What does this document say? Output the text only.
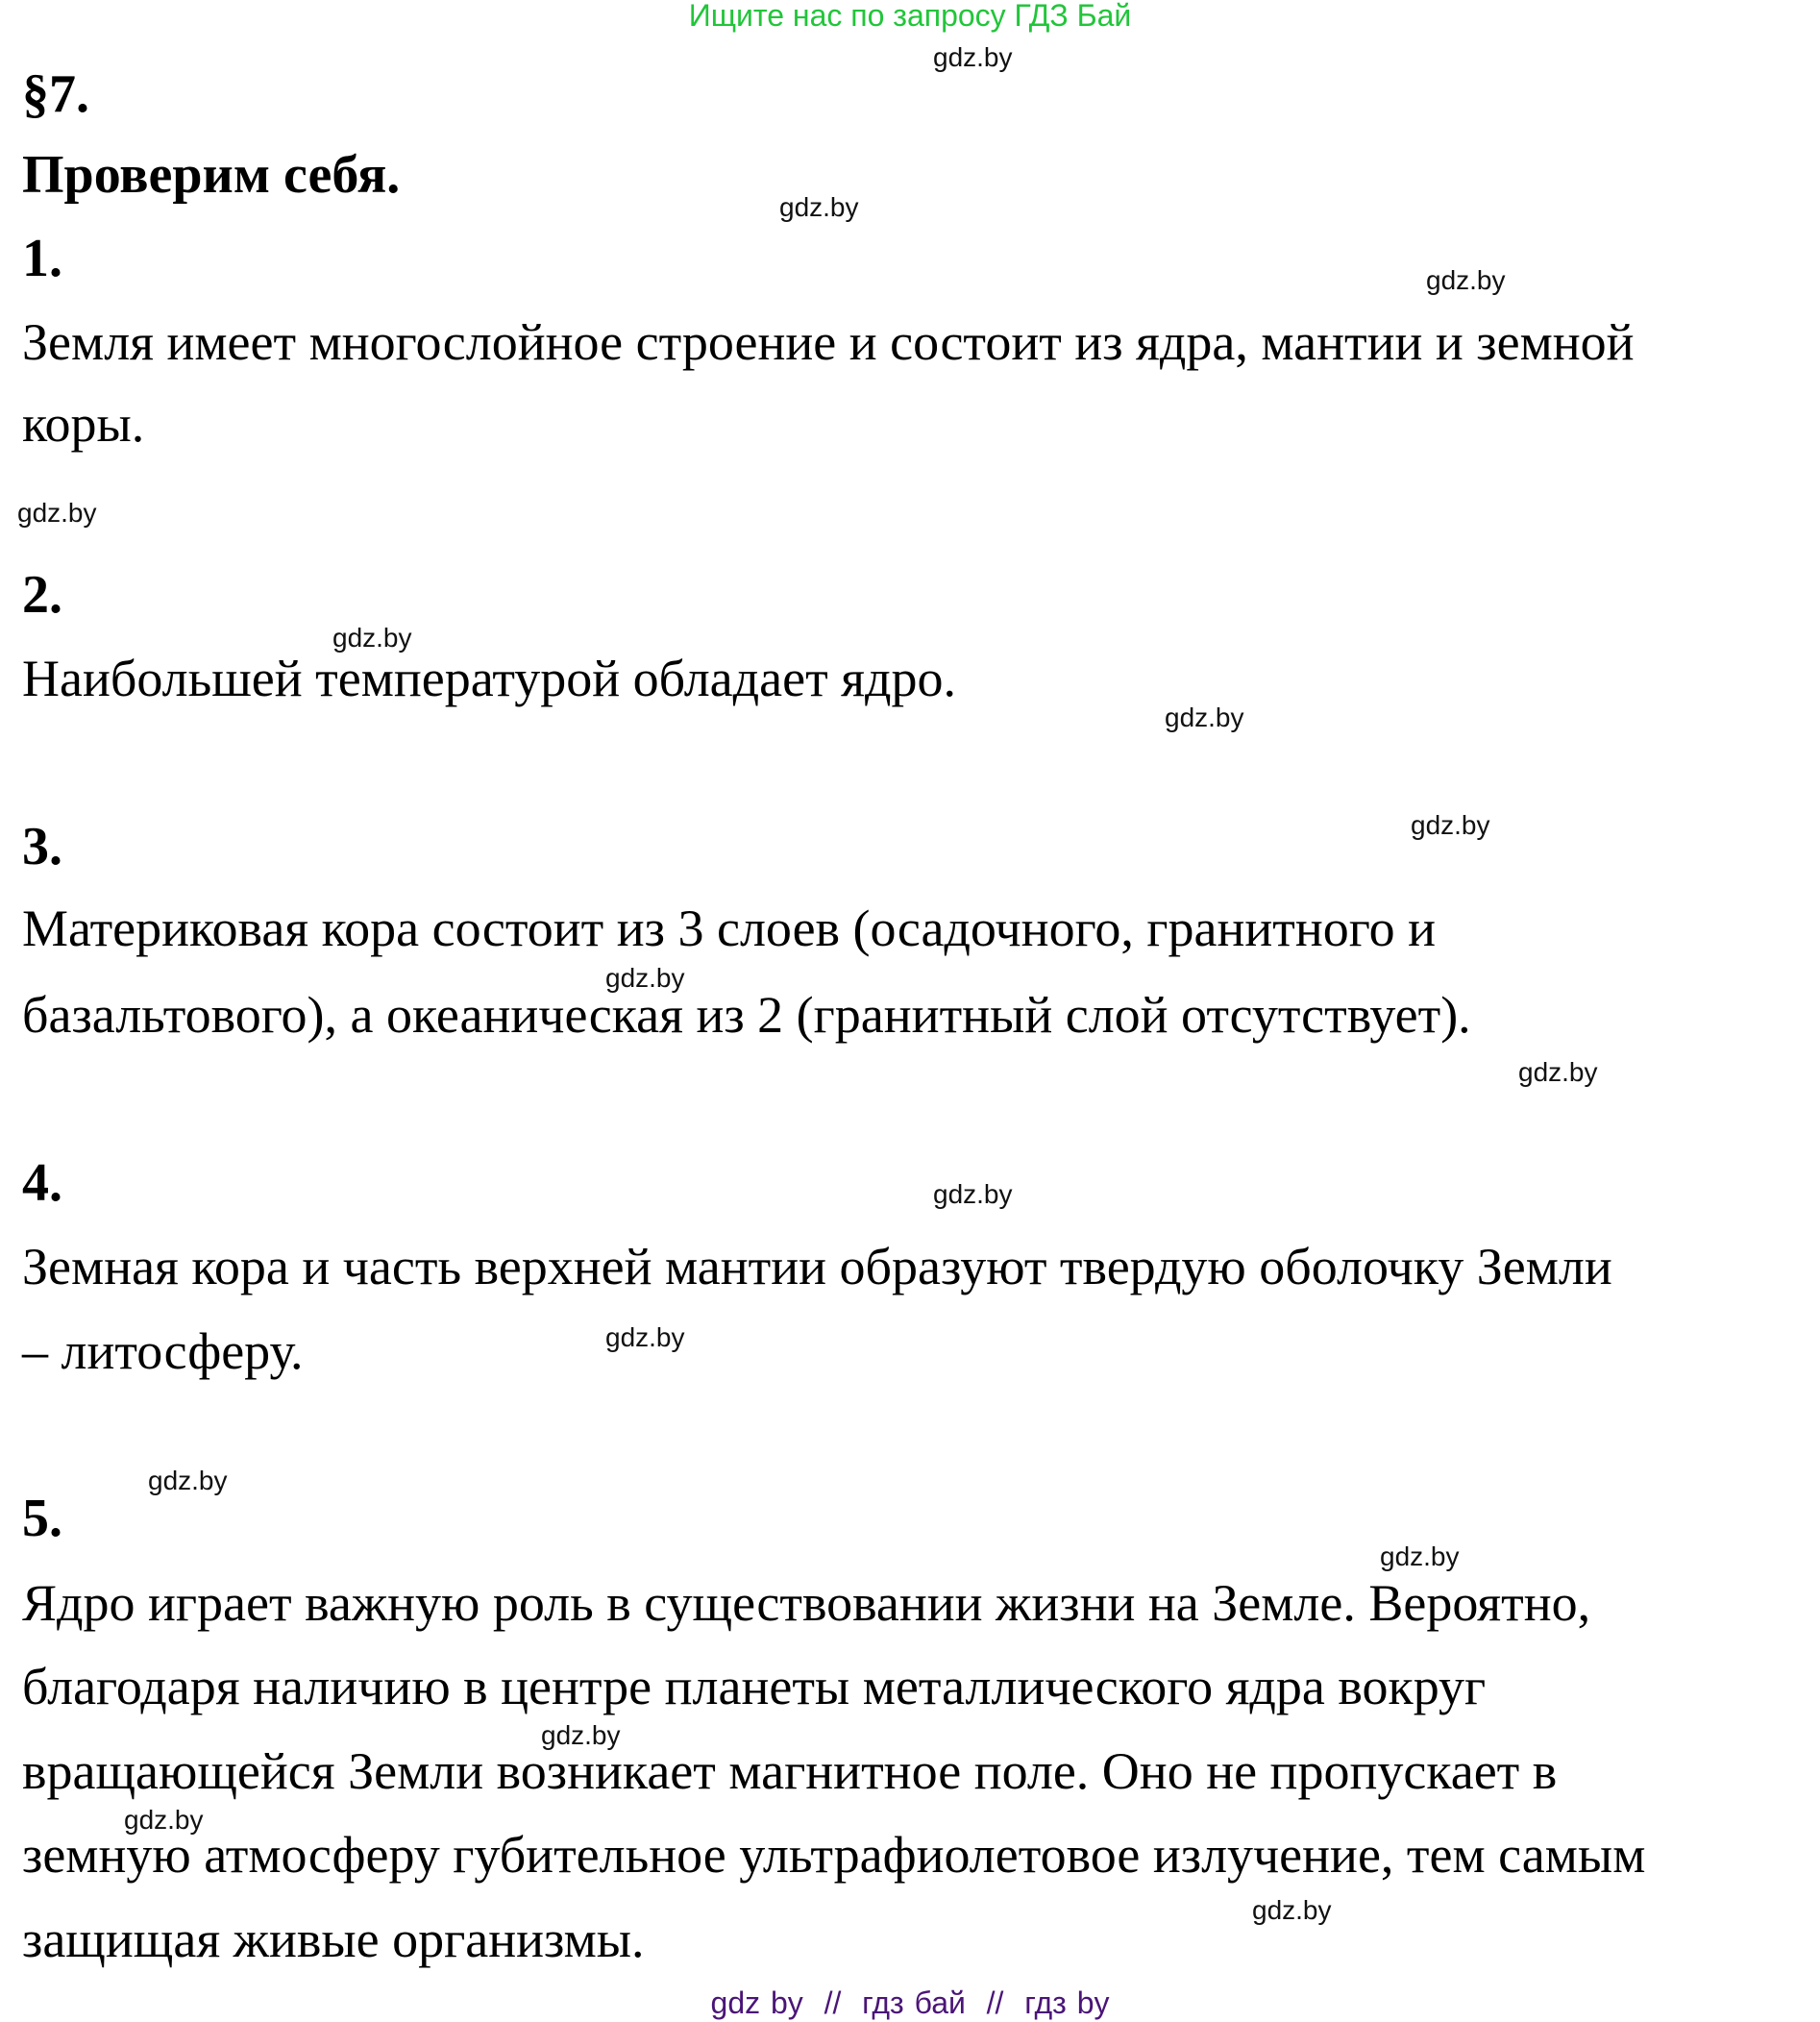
Ищите нас по запросу ГДЗ Бай
gdz.by
gdz.by
gdz.by
gdz.by
gdz.by
gdz.by
gdz.by
gdz.by
gdz.by
gdz.by
gdz.by
gdz.by
gdz.by
gdz.by
gdz.by
gdz.by
§7.
Проверим себя.
1.
Земля имеет многослойное строение и состоит из ядра, мантии и земной
коры.
2.
Наибольшей температурой обладает ядро.
3.
Материковая кора состоит из 3 слоев (осадочного, гранитного и
базальтового), а океаническая из 2 (гранитный слой отсутствует).
4.
Земная кора и часть верхней мантии образуют твердую оболочку Земли
– литосферу.
5.
Ядро играет важную роль в существовании жизни на Земле. Вероятно,
благодаря наличию в центре планеты металлического ядра вокруг
вращающейся Земли возникает магнитное поле. Оно не пропускает в
земную атмосферу губительное ультрафиолетовое излучение, тем самым
защищая живые организмы.
gdz by  //  гдз бай  //  гдз by
